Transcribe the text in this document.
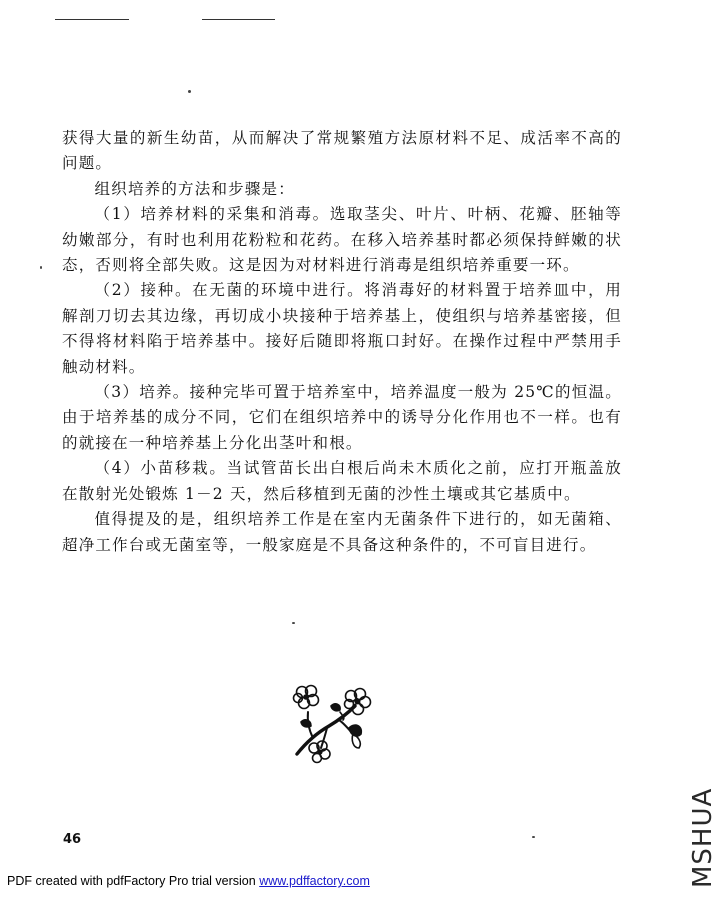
获得大量的新生幼苗，从而解决了常规繁殖方法原材料不足、成活率不高的问题。

组织培养的方法和步骤是：

（1）培养材料的采集和消毒。选取茎尖、叶片、叶柄、花瓣、胚轴等幼嫩部分，有时也利用花粉粒和花药。在移入培养基时都必须保持鲜嫩的状态，否则将全部失败。这是因为对材料进行消毒是组织培养重要一环。

（2）接种。在无菌的环境中进行。将消毒好的材料置于培养皿中，用解剖刀切去其边缘，再切成小块接种于培养基上，使组织与培养基密接，但不得将材料陷于培养基中。接好后随即将瓶口封好。在操作过程中严禁用手触动材料。

（3）培养。接种完毕可置于培养室中，培养温度一般为 25℃的恒温。由于培养基的成分不同，它们在组织培养中的诱导分化作用也不一样。也有的就接在一种培养基上分化出茎叶和根。

（4）小苗移栽。当试管苗长出白根后尚未木质化之前，应打开瓶盖放在散射光处锻炼 1－2 天，然后移植到无菌的沙性土壤或其它基质中。

值得提及的是，组织培养工作是在室内无菌条件下进行的，如无菌箱、超净工作台或无菌室等，一般家庭是不具备这种条件的，不可盲目进行。

46
PDF created with pdfFactory Pro trial version www.pdffactory.com	MSHUA
